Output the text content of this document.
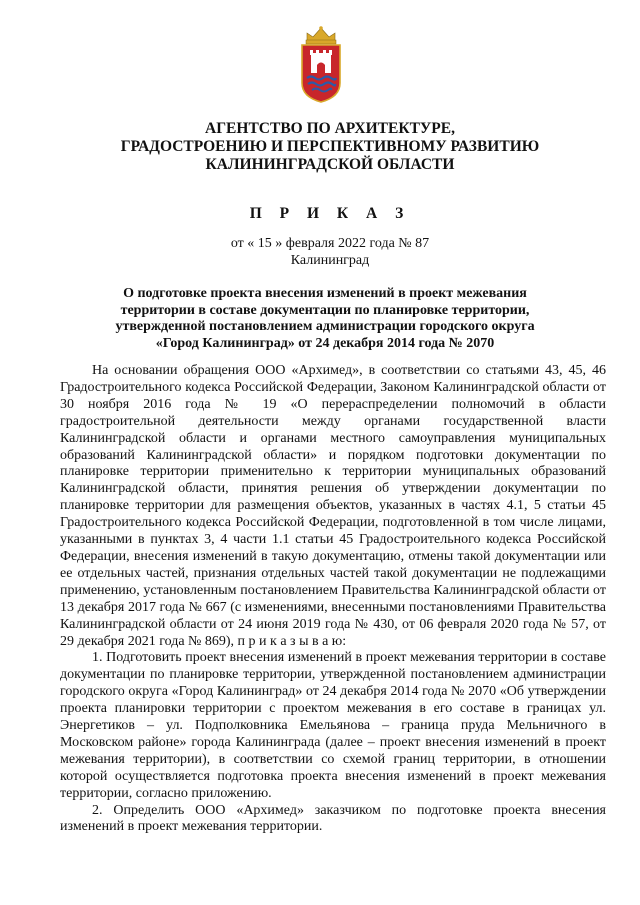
АГЕНТСТВО ПО АРХИТЕКТУРЕ,
ГРАДОСТРОЕНИЮ И ПЕРСПЕКТИВНОМУ РАЗВИТИЮ
КАЛИНИНГРАДСКОЙ ОБЛАСТИ
П Р И К А З
от « 15 » февраля 2022 года № 87
Калининград
О подготовке проекта внесения изменений в проект межевания
территории в составе документации по планировке территории,
утвержденной постановлением администрации городского округа
«Город Калининград» от 24 декабря 2014 года № 2070

На основании обращения ООО «Архимед», в соответствии со статьями 43, 45, 46 Градостроительного кодекса Российской Федерации, Законом Калининградской области от 30 ноября 2016 года № 19 «О перераспределении полномочий в области градостроительной деятельности между органами государственной власти Калининградской области и органами местного самоуправления муниципальных образований Калининградской области» и порядком подготовки документации по планировке территории применительно к территории муниципальных образований Калининградской области, принятия решения об утверждении документации по планировке территории для размещения объектов, указанных в частях 4.1, 5 статьи 45 Градостроительного кодекса Российской Федерации, подготовленной в том числе лицами, указанными в пунктах 3, 4 части 1.1 статьи 45 Градостроительного кодекса Российской Федерации, внесения изменений в такую документацию, отмены такой документации или ее отдельных частей, признания отдельных частей такой документации не подлежащими применению, установленным постановлением Правительства Калининградской области от 13 декабря 2017 года № 667 (с изменениями, внесенными постановлениями Правительства Калининградской области от 24 июня 2019 года № 430, от 06 февраля 2020 года № 57, от 29 декабря 2021 года № 869), п р и к а з ы в а ю:

1. Подготовить проект внесения изменений в проект межевания территории в составе документации по планировке территории, утвержденной постановлением администрации городского округа «Город Калининград» от 24 декабря 2014 года № 2070 «Об утверждении проекта планировки территории с проектом межевания в его составе в границах ул. Энергетиков – ул. Подполковника Емельянова – граница пруда Мельничного в Московском районе» города Калининграда (далее – проект внесения изменений в проект межевания территории), в соответствии со схемой границ территории, в отношении которой осуществляется подготовка проекта внесения изменений в проект межевания территории, согласно приложению.

2. Определить ООО «Архимед» заказчиком по подготовке проекта внесения изменений в проект межевания территории.
